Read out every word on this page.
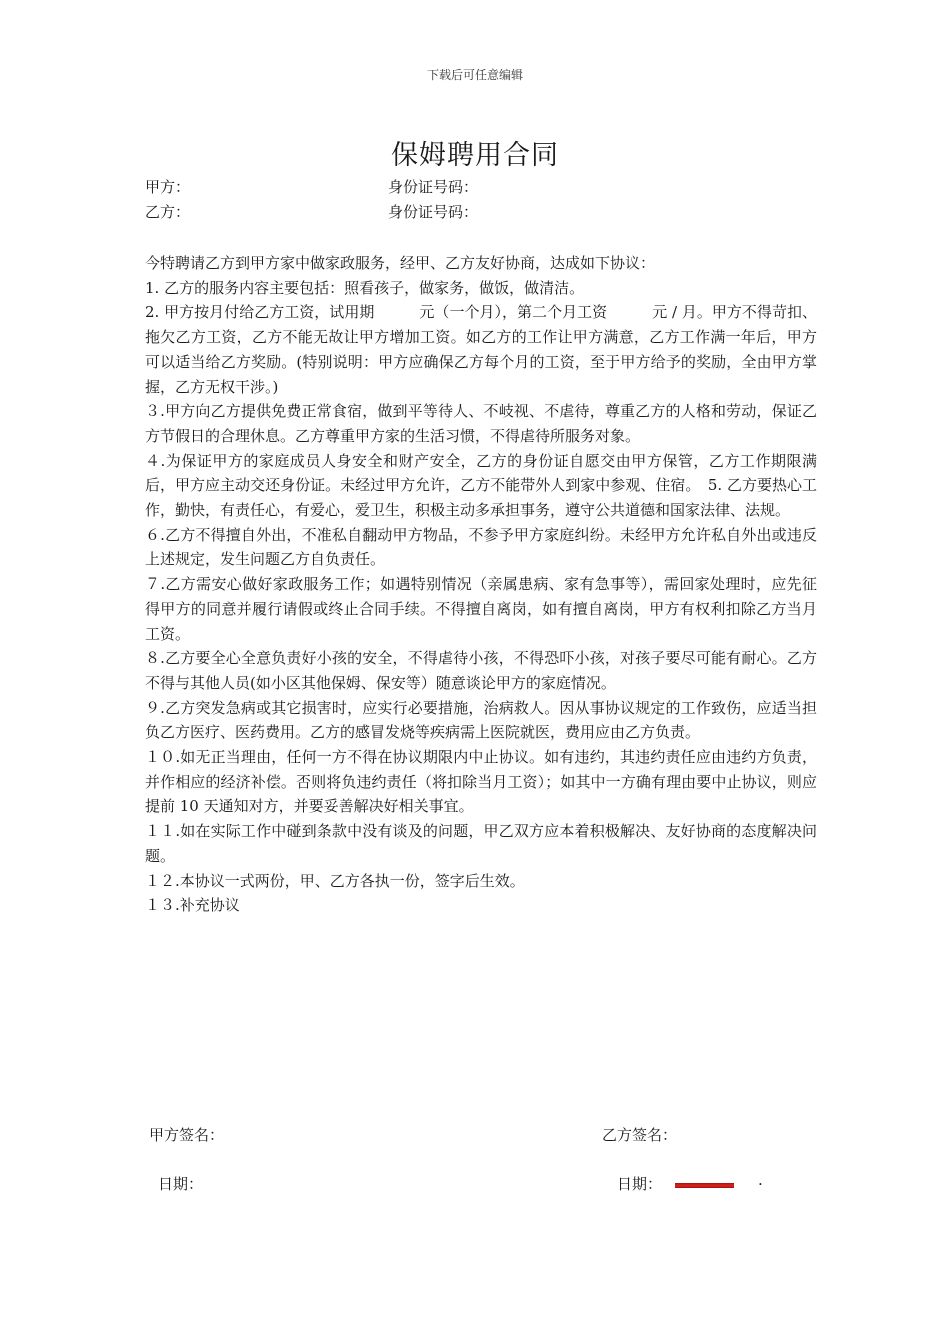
下载后可任意编辑
保姆聘用合同
甲方：	身份证号码：
乙方：	身份证号码：

今特聘请乙方到甲方家中做家政服务，经甲、乙方友好协商，达成如下协议：

1. 乙方的服务内容主要包括：照看孩子，做家务，做饭，做清洁。

2. 甲方按月付给乙方工资，试用期　　　元（一个月），第二个月工资　　　元 / 月。甲方不得苛扣、拖欠乙方工资，乙方不能无故让甲方增加工资。如乙方的工作让甲方满意，乙方工作满一年后，甲方可以适当给乙方奖励。(特别说明：甲方应确保乙方每个月的工资，至于甲方给予的奖励，全由甲方掌握，乙方无权干涉。)

３.甲方向乙方提供免费正常食宿，做到平等待人、不岐视、不虐待，尊重乙方的人格和劳动，保证乙方节假日的合理休息。乙方尊重甲方家的生活习惯，不得虐待所服务对象。

４.为保证甲方的家庭成员人身安全和财产安全，乙方的身份证自愿交由甲方保管，乙方工作期限满后，甲方应主动交还身份证。未经过甲方允许，乙方不能带外人到家中参观、住宿。　5. 乙方要热心工作，勤快，有责任心，有爱心，爱卫生，积极主动多承担事务，遵守公共道德和国家法律、法规。

６.乙方不得擅自外出，不准私自翻动甲方物品，不参予甲方家庭纠纷。未经甲方允许私自外出或违反上述规定，发生问题乙方自负责任。

７.乙方需安心做好家政服务工作；如遇特别情况（亲属患病、家有急事等），需回家处理时，应先征得甲方的同意并履行请假或终止合同手续。不得擅自离岗，如有擅自离岗，甲方有权利扣除乙方当月工资。

８.乙方要全心全意负责好小孩的安全，不得虐待小孩，不得恐吓小孩，对孩子要尽可能有耐心。乙方不得与其他人员(如小区其他保姆、保安等）随意谈论甲方的家庭情况。

９.乙方突发急病或其它损害时，应实行必要措施，治病救人。因从事协议规定的工作致伤，应适当担负乙方医疗、医药费用。乙方的感冒发烧等疾病需上医院就医，费用应由乙方负责。

１０.如无正当理由，任何一方不得在协议期限内中止协议。如有违约，其违约责任应由违约方负责，并作相应的经济补偿。否则将负违约责任（将扣除当月工资）；如其中一方确有理由要中止协议，则应提前 10 天通知对方，并要妥善解决好相关事宜。

１１.如在实际工作中碰到条款中没有谈及的问题，甲乙双方应本着积极解决、友好协商的态度解决问题。

１２.本协议一式两份，甲、乙方各执一份，签字后生效。

１３.补充协议

甲方签名：	乙方签名：
日期：	日期：	.
